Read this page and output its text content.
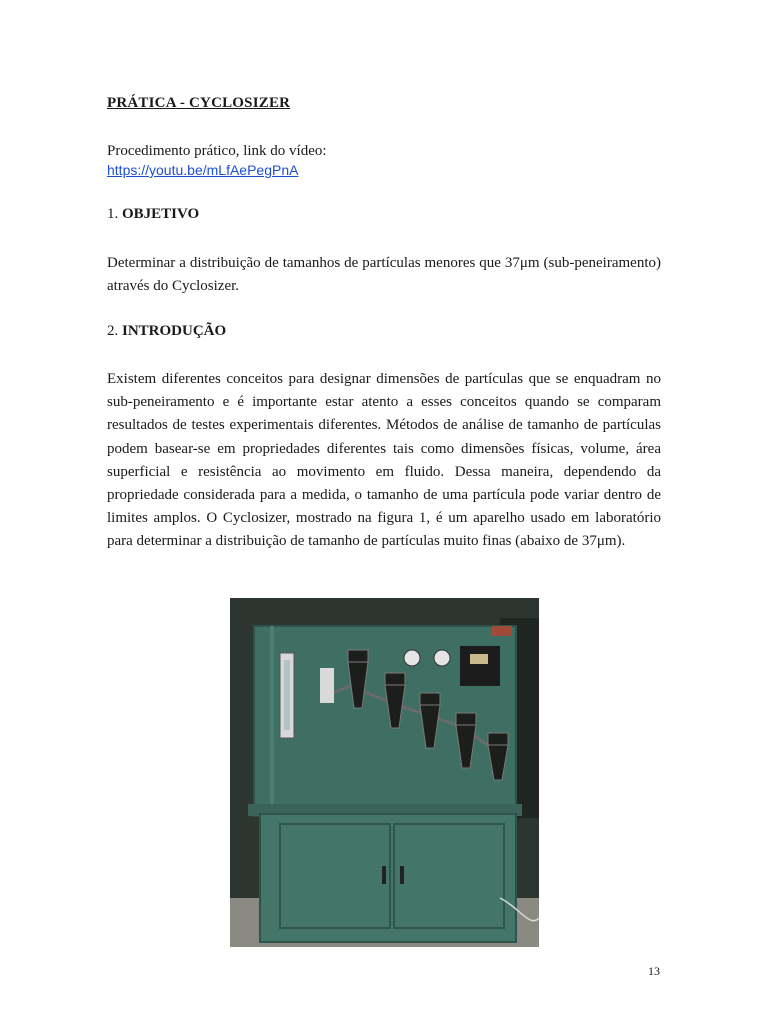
PRÁTICA - CYCLOSIZER
Procedimento prático, link do vídeo:
https://youtu.be/mLfAePegPnA
1. OBJETIVO
Determinar a distribuição de tamanhos de partículas menores que 37μm (sub-peneiramento) através do Cyclosizer.
2. INTRODUÇÃO
Existem diferentes conceitos para designar dimensões de partículas que se enquadram no sub-peneiramento e é importante estar atento a esses conceitos quando se comparam resultados de testes experimentais diferentes. Métodos de análise de tamanho de partículas podem basear-se em propriedades diferentes tais como dimensões físicas, volume, área superficial e resistência ao movimento em fluido. Dessa maneira, dependendo da propriedade considerada para a medida, o tamanho de uma partícula pode variar dentro de limites amplos. O Cyclosizer, mostrado na figura 1, é um aparelho usado em laboratório para determinar a distribuição de tamanho de partículas muito finas (abaixo de 37μm).
13
